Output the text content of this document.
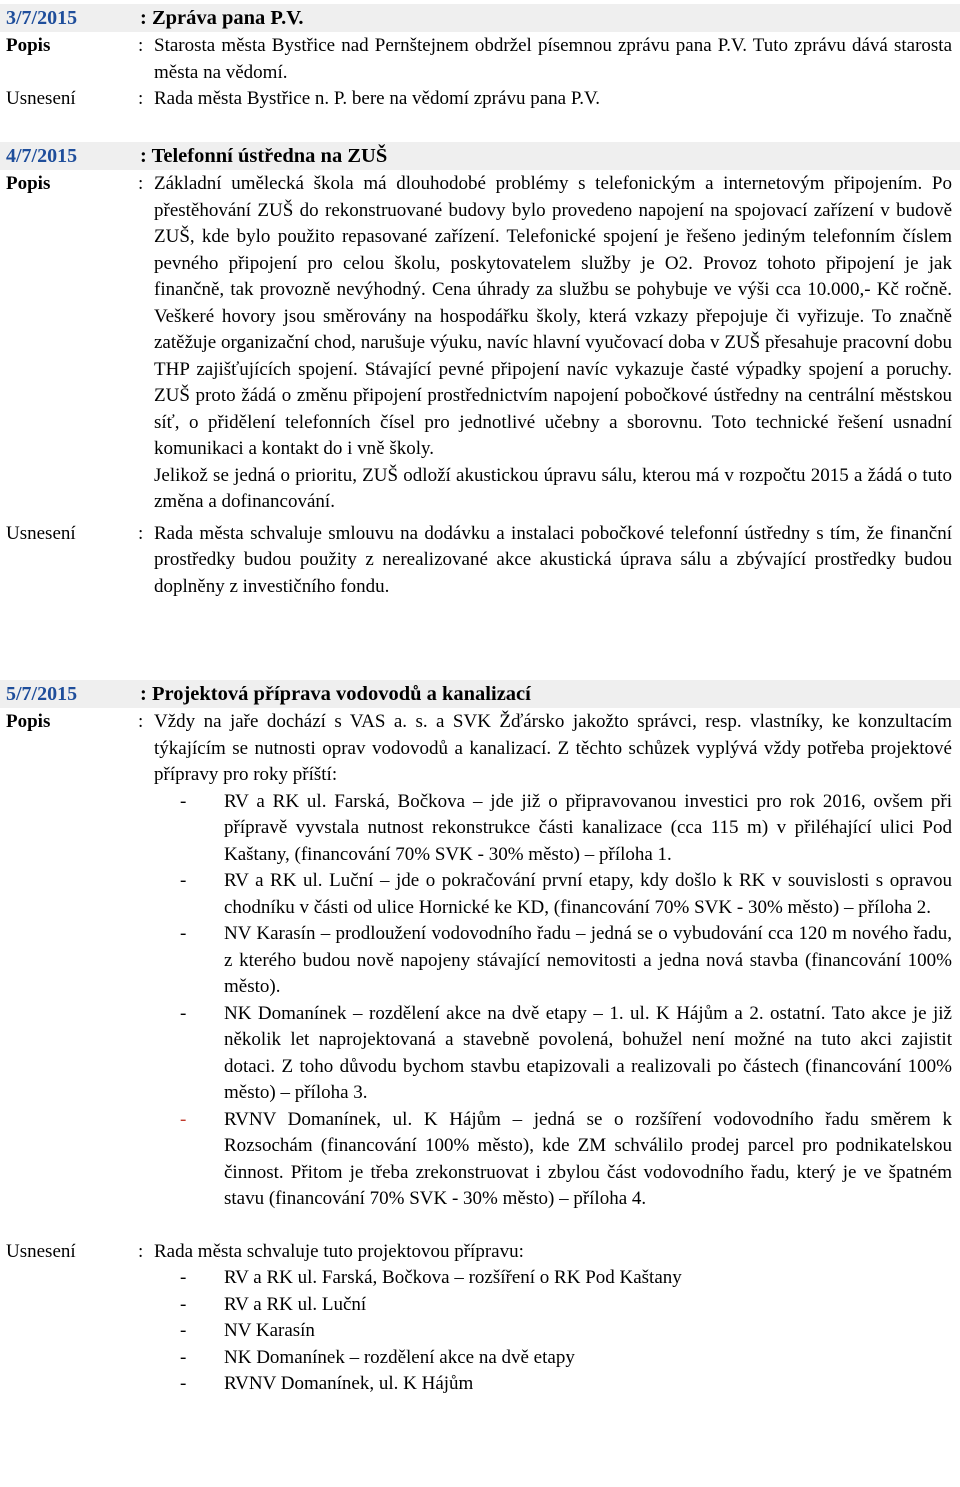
3/7/2015	: Zpráva pana P.V.
Popis	: Starosta města Bystřice nad Pernštejnem obdržel písemnou zprávu pana P.V. Tuto zprávu dává starosta města na vědomí.
Usnesení	: Rada města Bystřice n. P. bere na vědomí zprávu pana P.V.
4/7/2015	: Telefonní ústředna na ZUŠ
Popis	: Základní umělecká škola má dlouhodobé problémy s telefonickým a internetovým připojením. Po přestěhování ZUŠ do rekonstruované budovy bylo provedeno napojení na spojovací zařízení v budově ZUŠ, kde bylo použito repasované zařízení. Telefonické spojení je řešeno jediným telefonním číslem pevného připojení pro celou školu, poskytovatelem služby je O2. Provoz tohoto připojení je jak finančně, tak provozně nevýhodný. Cena úhrady za službu se pohybuje ve výši cca 10.000,- Kč ročně. Veškeré hovory jsou směrovány na hospodářku školy, která vzkazy přepojuje či vyřizuje. To značně zatěžuje organizační chod, narušuje výuku, navíc hlavní vyučovací doba v ZUŠ přesahuje pracovní dobu THP zajišťujících spojení. Stávající pevné připojení navíc vykazuje časté výpadky spojení a poruchy. ZUŠ proto žádá o změnu připojení prostřednictvím napojení pobočkové ústředny na centrální městskou síť, o přidělení telefonních čísel pro jednotlivé učebny a sborovnu. Toto technické řešení usnadní komunikaci a kontakt do i vně školy.
Jelikož se jedná o prioritu, ZUŠ odloží akustickou úpravu sálu, kterou má v rozpočtu 2015 a žádá o tuto změna a dofinancování.
Usnesení	: Rada města schvaluje smlouvu na dodávku a instalaci pobočkové telefonní ústředny s tím, že finanční prostředky budou použity z nerealizované akce akustická úprava sálu a zbývající prostředky budou doplněny z investičního fondu.
5/7/2015	: Projektová příprava vodovodů a kanalizací
Popis	: Vždy na jaře dochází s VAS a. s. a SVK Žďársko jakožto správci, resp. vlastníky, ke konzultacím týkajícím se nutnosti oprav vodovodů a kanalizací. Z těchto schůzek vyplývá vždy potřeba projektové přípravy pro roky příští:
- RV a RK ul. Farská, Bočkova – jde již o připravovanou investici pro rok 2016, ovšem při přípravě vyvstala nutnost rekonstrukce části kanalizace (cca 115 m) v přiléhající ulici Pod Kaštany, (financování 70% SVK - 30% město) – příloha 1.
- RV a RK ul. Luční – jde o pokračování první etapy, kdy došlo k RK v souvislosti s opravou chodníku v části od ulice Hornické ke KD, (financování 70% SVK - 30% město) – příloha 2.
- NV Karasín – prodloužení vodovodního řadu – jedná se o vybudování cca 120 m nového řadu, z kterého budou nově napojeny stávající nemovitosti a jedna nová stavba (financování 100% město).
- NK Domanínek – rozdělení akce na dvě etapy – 1. ul. K Hájům a 2. ostatní. Tato akce je již několik let naprojektovaná a stavebně povolená, bohužel není možné na tuto akci zajistit dotaci. Z toho důvodu bychom stavbu etapizovali a realizovali po částech (financování 100% město) – příloha 3.
- RVNV Domanínek, ul. K Hájům – jedná se o rozšíření vodovodního řadu směrem k Rozsochám (financování 100% město), kde ZM schválilo prodej parcel pro podnikatelskou činnost. Přitom je třeba zrekonstruovat i zbylou část vodovodního řadu, který je ve špatném stavu (financování 70% SVK - 30% město) – příloha 4.
Usnesení	: Rada města schvaluje tuto projektovou přípravu:
- RV a RK ul. Farská, Bočkova – rozšíření o RK Pod Kaštany
- RV a RK ul. Luční
- NV Karasín
- NK Domanínek – rozdělení akce na dvě etapy
- RVNV Domanínek, ul. K Hájům
